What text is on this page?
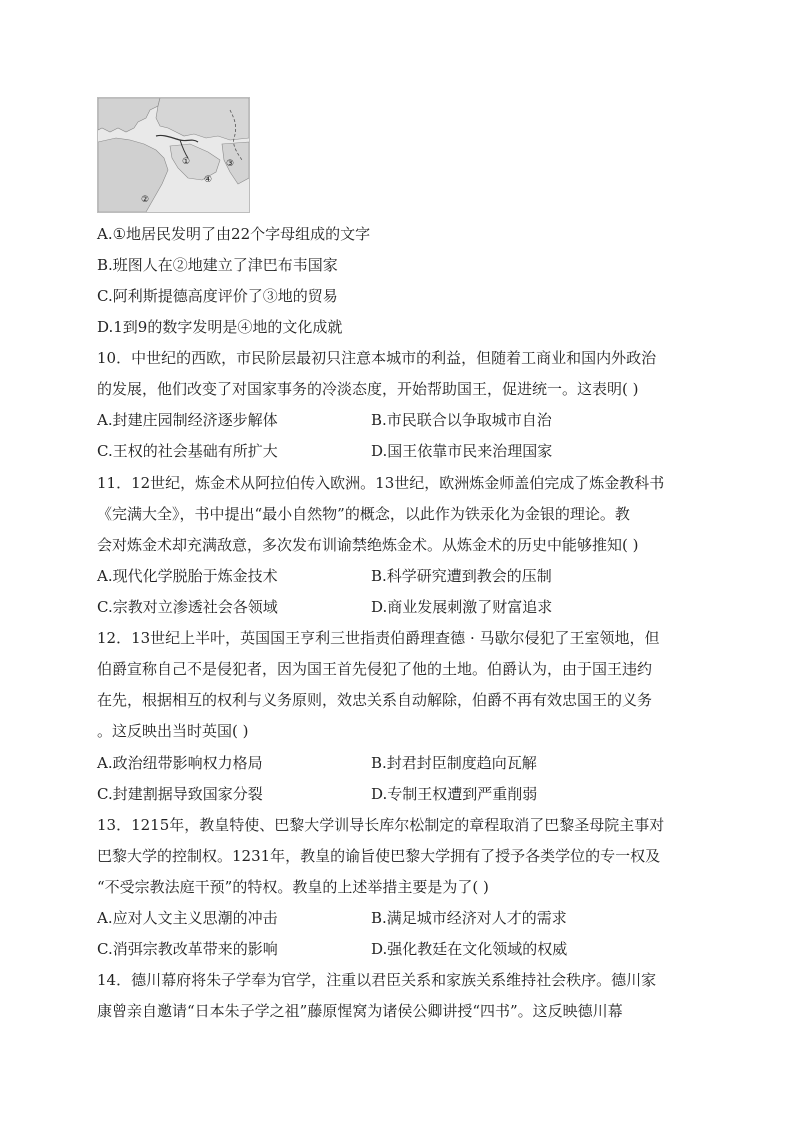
①
②
③
④
A.①地居民发明了由22个字母组成的文字
B.班图人在②地建立了津巴布韦国家
C.阿利斯提德高度评价了③地的贸易
D.1到9的数字发明是④地的文化成就
10．中世纪的西欧，市民阶层最初只注意本城市的利益，但随着工商业和国内外政治
的发展，他们改变了对国家事务的冷淡态度，开始帮助国王，促进统一。这表明( )
A.封建庄园制经济逐步解体	B.市民联合以争取城市自治
C.王权的社会基础有所扩大	D.国王依靠市民来治理国家
11．12世纪，炼金术从阿拉伯传入欧洲。13世纪，欧洲炼金师盖伯完成了炼金教科书
《完满大全》，书中提出“最小自然物”的概念，以此作为铁汞化为金银的理论。教
会对炼金术却充满敌意，多次发布训谕禁绝炼金术。从炼金术的历史中能够推知( )
A.现代化学脱胎于炼金技术	B.科学研究遭到教会的压制
C.宗教对立渗透社会各领域	D.商业发展刺激了财富追求
12．13世纪上半叶，英国国王亨利三世指责伯爵理查德 · 马歇尔侵犯了王室领地，但
伯爵宣称自己不是侵犯者，因为国王首先侵犯了他的土地。伯爵认为，由于国王违约
在先，根据相互的权利与义务原则，效忠关系自动解除，伯爵不再有效忠国王的义务
。这反映出当时英国( )
A.政治纽带影响权力格局	B.封君封臣制度趋向瓦解
C.封建割据导致国家分裂	D.专制王权遭到严重削弱
13．1215年，教皇特使、巴黎大学训导长库尔松制定的章程取消了巴黎圣母院主事对
巴黎大学的控制权。1231年，教皇的谕旨使巴黎大学拥有了授予各类学位的专一权及
“不受宗教法庭干预”的特权。教皇的上述举措主要是为了( )
A.应对人文主义思潮的冲击	B.满足城市经济对人才的需求
C.消弭宗教改革带来的影响	D.强化教廷在文化领域的权威
14．德川幕府将朱子学奉为官学，注重以君臣关系和家族关系维持社会秩序。德川家
康曾亲自邀请“日本朱子学之祖”藤原惺窝为诸侯公卿讲授“四书”。这反映德川幕
